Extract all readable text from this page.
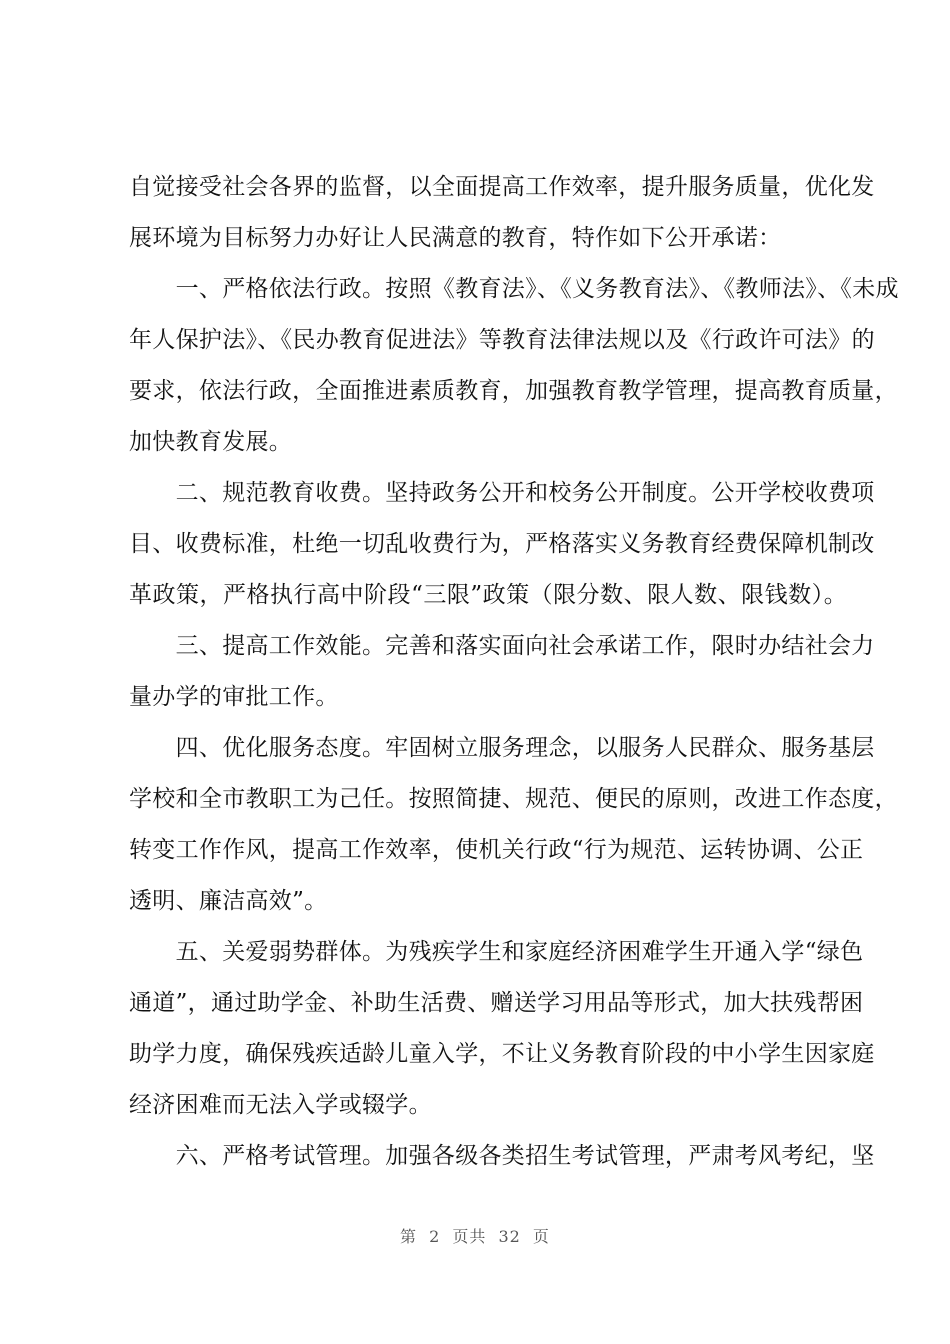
自觉接受社会各界的监督，以全面提高工作效率，提升服务质量，优化发
展环境为目标努力办好让人民满意的教育，特作如下公开承诺：
　　一、严格依法行政。按照《教育法》、《义务教育法》、《教师法》、《未成
年人保护法》、《民办教育促进法》等教育法律法规以及《行政许可法》的
要求，依法行政，全面推进素质教育，加强教育教学管理，提高教育质量，
加快教育发展。
　　二、规范教育收费。坚持政务公开和校务公开制度。公开学校收费项
目、收费标准，杜绝一切乱收费行为，严格落实义务教育经费保障机制改
革政策，严格执行高中阶段“三限”政策（限分数、限人数、限钱数）。
　　三、提高工作效能。完善和落实面向社会承诺工作，限时办结社会力
量办学的审批工作。
　　四、优化服务态度。牢固树立服务理念，以服务人民群众、服务基层
学校和全市教职工为己任。按照简捷、规范、便民的原则，改进工作态度，
转变工作作风，提高工作效率，使机关行政“行为规范、运转协调、公正
透明、廉洁高效”。
　　五、关爱弱势群体。为残疾学生和家庭经济困难学生开通入学“绿色
通道”，通过助学金、补助生活费、赠送学习用品等形式，加大扶残帮困
助学力度，确保残疾适龄儿童入学，不让义务教育阶段的中小学生因家庭
经济困难而无法入学或辍学。
　　六、严格考试管理。加强各级各类招生考试管理，严肃考风考纪，坚
第 2 页共 32 页
